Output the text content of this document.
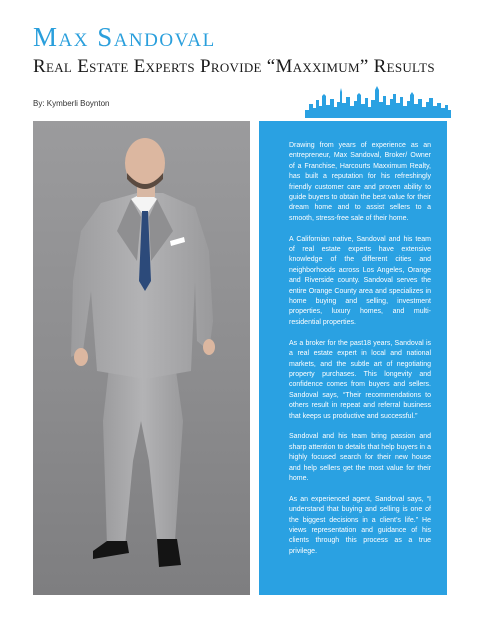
Max Sandoval
Real Estate Experts Provide “Maxximum” Results
By: Kymberli Boynton

Drawing from years of experience as an entrepreneur, Max Sandoval, Broker/ Owner of a Franchise, Harcourts Maxximum Realty, has built a reputation for his refreshingly friendly customer care and proven ability to guide buyers to obtain the best value for their dream home and to assist sellers to a smooth, stress-free sale of their home.

A Californian native, Sandoval and his team of real estate experts have extensive knowledge of the different cities and neighborhoods across Los Angeles, Orange and Riverside county. Sandoval serves the entire Orange County area and specializes in home buying and selling, investment properties, luxury homes, and multi-residential properties.

As a broker for the past18 years, Sandoval is a real estate expert in local and national markets, and the subtle art of negotiating property purchases. This longevity and confidence comes from buyers and sellers. Sandoval says, “Their recommendations to others result in repeat and referral business that keeps us productive and successful.”

Sandoval and his team bring passion and sharp attention to details that help buyers in a highly focused search for their new house and help sellers get the most value for their home.

As an experienced agent, Sandoval says, “I understand that buying and selling is one of the biggest decisions in a client’s life.” He views representation and guidance of his clients through this process as a true privilege.
